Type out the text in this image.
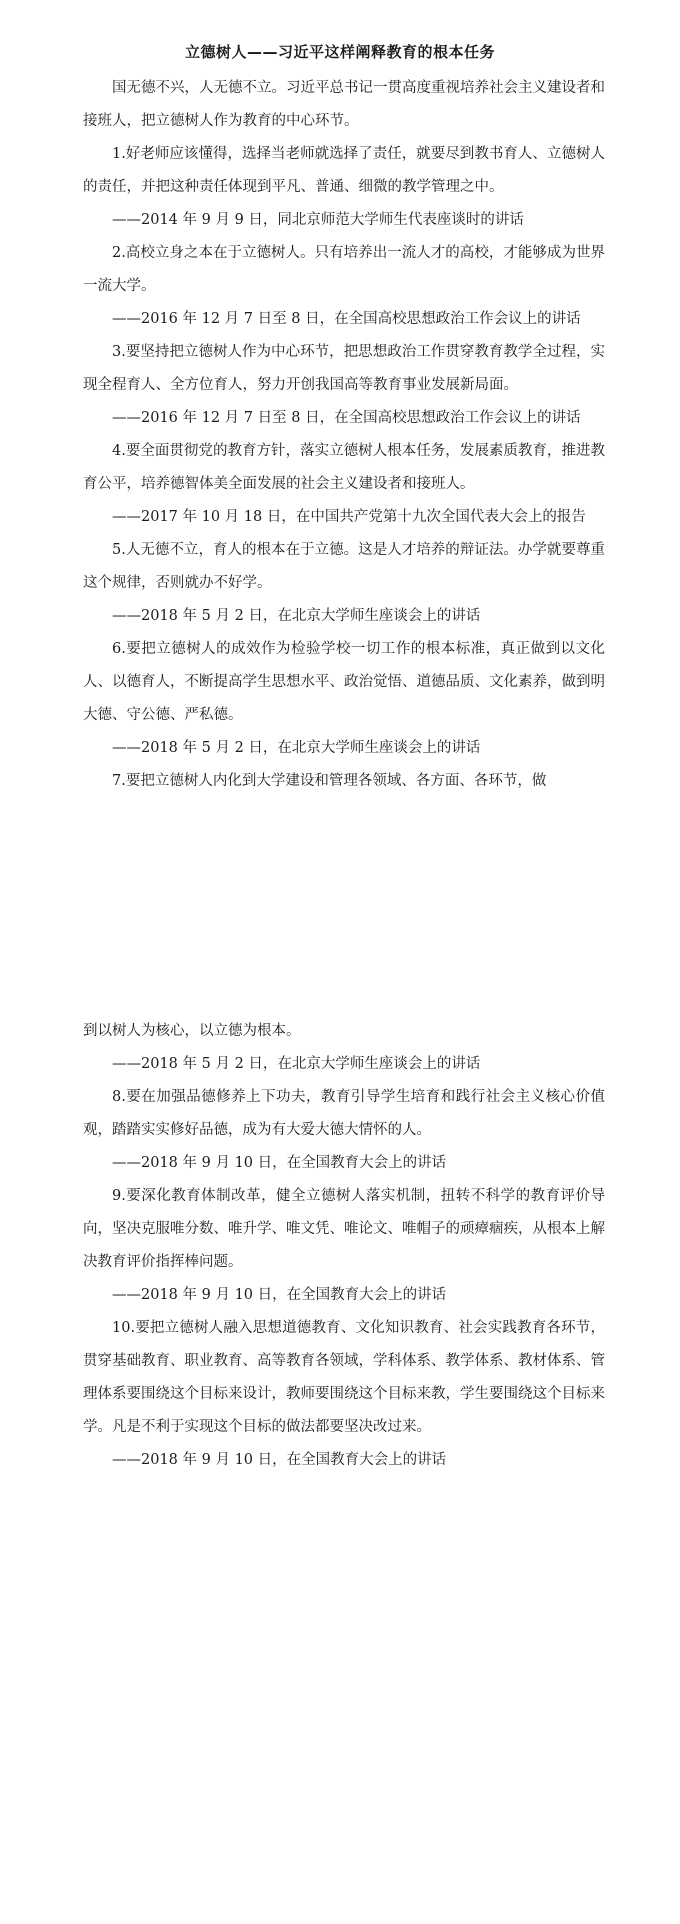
立德树人——习近平这样阐释教育的根本任务

国无德不兴，人无德不立。习近平总书记一贯高度重视培养社会主义建设者和接班人，把立德树人作为教育的中心环节。

1.好老师应该懂得，选择当老师就选择了责任，就要尽到教书育人、立德树人的责任，并把这种责任体现到平凡、普通、细微的教学管理之中。

——2014 年 9 月 9 日，同北京师范大学师生代表座谈时的讲话

2.高校立身之本在于立德树人。只有培养出一流人才的高校，才能够成为世界一流大学。

——2016 年 12 月 7 日至 8 日，在全国高校思想政治工作会议上的讲话

3.要坚持把立德树人作为中心环节，把思想政治工作贯穿教育教学全过程，实现全程育人、全方位育人，努力开创我国高等教育事业发展新局面。

——2016 年 12 月 7 日至 8 日，在全国高校思想政治工作会议上的讲话

4.要全面贯彻党的教育方针，落实立德树人根本任务，发展素质教育，推进教育公平，培养德智体美全面发展的社会主义建设者和接班人。

——2017 年 10 月 18 日，在中国共产党第十九次全国代表大会上的报告

5.人无德不立，育人的根本在于立德。这是人才培养的辩证法。办学就要尊重这个规律，否则就办不好学。

——2018 年 5 月 2 日，在北京大学师生座谈会上的讲话

6.要把立德树人的成效作为检验学校一切工作的根本标准，真正做到以文化人、以德育人，不断提高学生思想水平、政治觉悟、道德品质、文化素养，做到明大德、守公德、严私德。

——2018 年 5 月 2 日，在北京大学师生座谈会上的讲话

7.要把立德树人内化到大学建设和管理各领域、各方面、各环节，做

到以树人为核心，以立德为根本。

——2018 年 5 月 2 日，在北京大学师生座谈会上的讲话

8.要在加强品德修养上下功夫，教育引导学生培育和践行社会主义核心价值观，踏踏实实修好品德，成为有大爱大德大情怀的人。

——2018 年 9 月 10 日，在全国教育大会上的讲话

9.要深化教育体制改革，健全立德树人落实机制，扭转不科学的教育评价导向，坚决克服唯分数、唯升学、唯文凭、唯论文、唯帽子的顽瘴痼疾，从根本上解决教育评价指挥棒问题。

——2018 年 9 月 10 日，在全国教育大会上的讲话

10.要把立德树人融入思想道德教育、文化知识教育、社会实践教育各环节，贯穿基础教育、职业教育、高等教育各领域，学科体系、教学体系、教材体系、管理体系要围绕这个目标来设计，教师要围绕这个目标来教，学生要围绕这个目标来学。凡是不利于实现这个目标的做法都要坚决改过来。

——2018 年 9 月 10 日，在全国教育大会上的讲话
